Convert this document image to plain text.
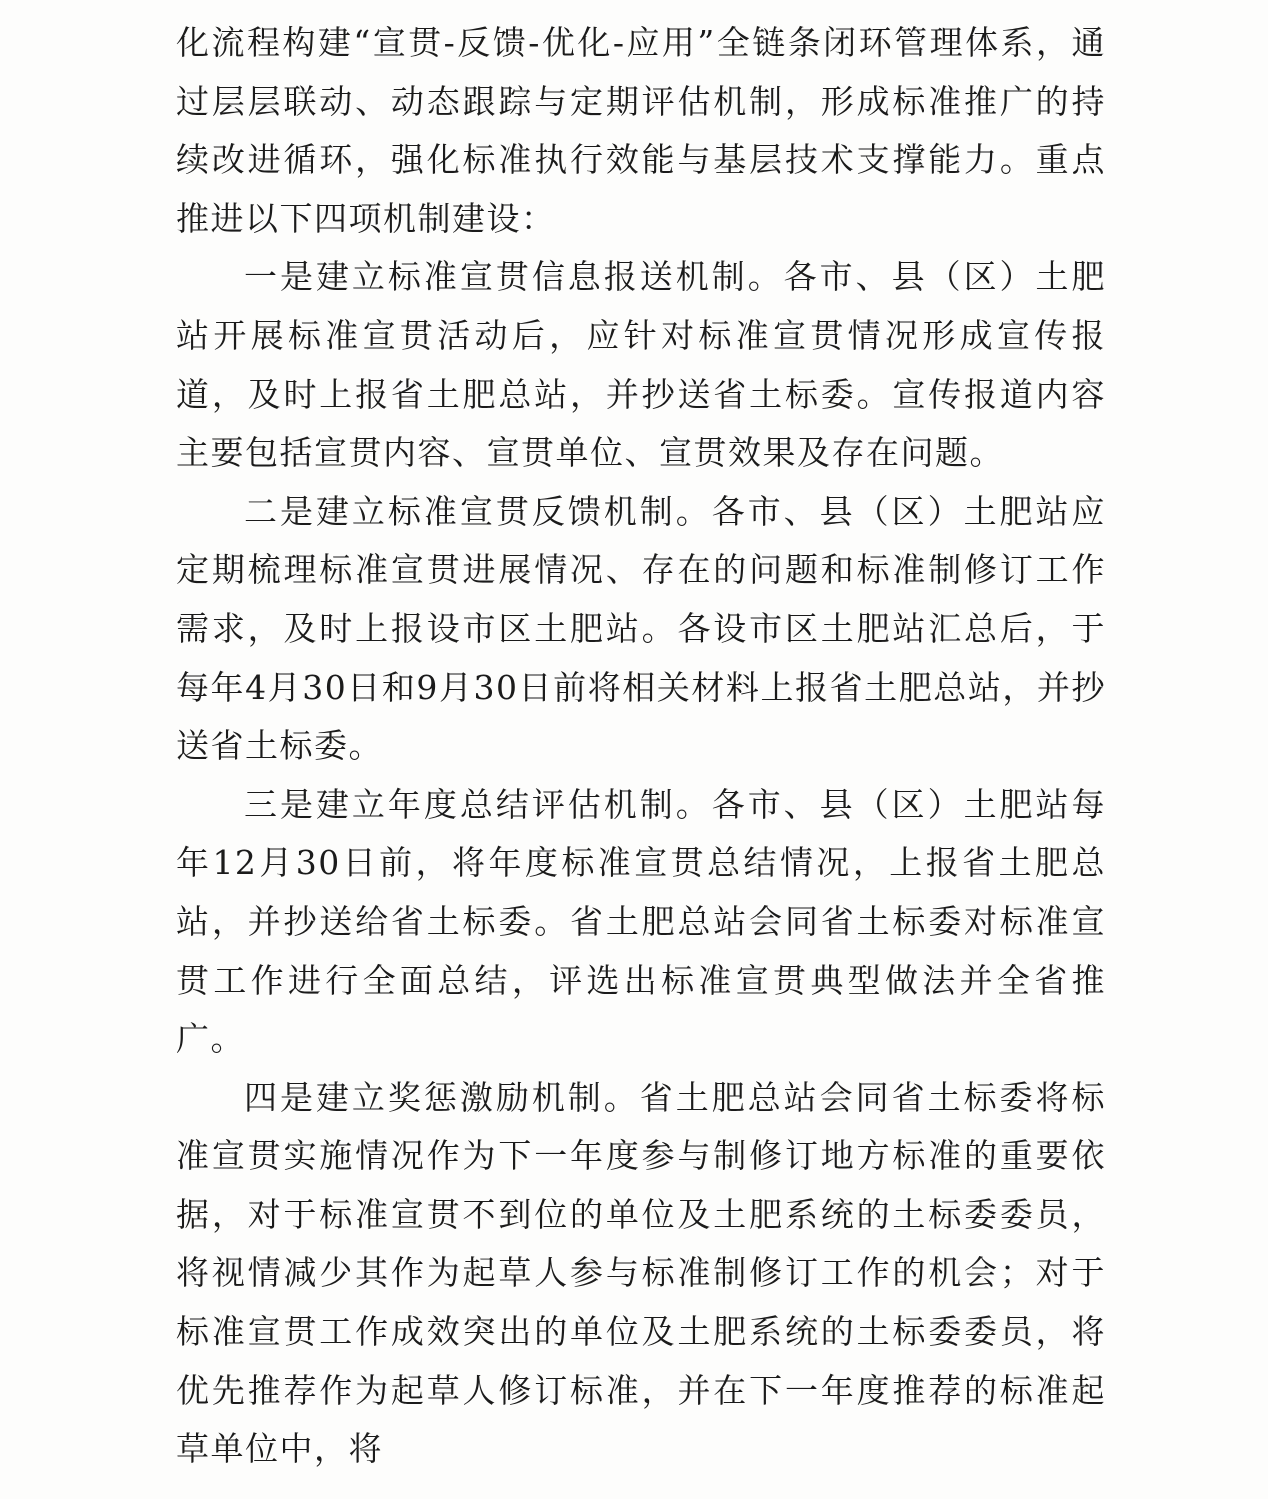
化流程构建“宣贯-反馈-优化-应用”全链条闭环管理体系，通过层层联动、动态跟踪与定期评估机制，形成标准推广的持续改进循环，强化标准执行效能与基层技术支撑能力。重点推进以下四项机制建设：

一是建立标准宣贯信息报送机制。各市、县（区）土肥站开展标准宣贯活动后，应针对标准宣贯情况形成宣传报道，及时上报省土肥总站，并抄送省土标委。宣传报道内容主要包括宣贯内容、宣贯单位、宣贯效果及存在问题。

二是建立标准宣贯反馈机制。各市、县（区）土肥站应定期梳理标准宣贯进展情况、存在的问题和标准制修订工作需求，及时上报设市区土肥站。各设市区土肥站汇总后，于每年4月30日和9月30日前将相关材料上报省土肥总站，并抄送省土标委。

三是建立年度总结评估机制。各市、县（区）土肥站每年12月30日前，将年度标准宣贯总结情况，上报省土肥总站，并抄送给省土标委。省土肥总站会同省土标委对标准宣贯工作进行全面总结，评选出标准宣贯典型做法并全省推广。

四是建立奖惩激励机制。省土肥总站会同省土标委将标准宣贯实施情况作为下一年度参与制修订地方标准的重要依据，对于标准宣贯不到位的单位及土肥系统的土标委委员，将视情减少其作为起草人参与标准制修订工作的机会；对于标准宣贯工作成效突出的单位及土肥系统的土标委委员，将优先推荐作为起草人修订标准，并在下一年度推荐的标准起草单位中，将
